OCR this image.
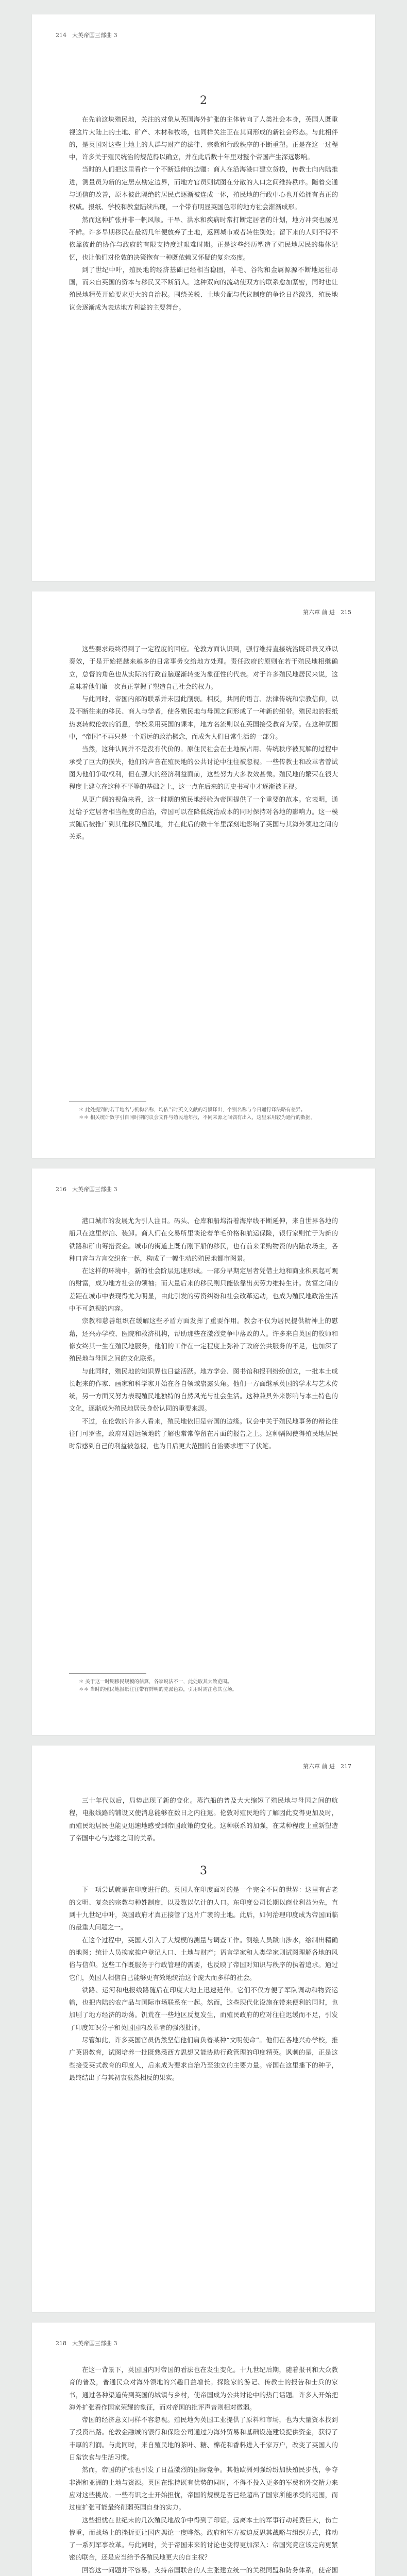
214　大英帝国三部曲 3
2

在先前这块殖民地，关注的对象从英国海外扩张的主体转向了人类社会本身，英国人既重视这片大陆上的土地、矿产、木材和牧场，也同样关注正在其间形成的新社会形态。与此相伴的，是英国对这些土地上的人群与财产的法律、宗教和行政秩序的不断重塑。正是在这一过程中，许多关于殖民统治的规范得以确立，并在此后数十年里对整个帝国产生深远影响。

当时的人们把这里看作一个不断延伸的边疆：商人在沿海港口建立货栈，传教士向内陆推进，测量员为新的定居点勘定边界，而地方官员则试图在分散的人口之间维持秩序。随着交通与通信的改善，原本彼此隔绝的居民点逐渐被连成一体，殖民地的行政中心也开始拥有真正的权威。报纸、学校和教堂陆续出现，一个带有明显英国色彩的地方社会渐渐成形。

然而这种扩张并非一帆风顺。干旱、洪水和疾病时常打断定居者的计划，地方冲突也屡见不鲜。许多早期移民在最初几年便放弃了土地，返回城市或者转往别处；留下来的人则不得不依靠彼此的协作与政府的有限支持度过艰难时期。正是这些经历塑造了殖民地居民的集体记忆，也让他们对伦敦的决策抱有一种既依赖又怀疑的复杂态度。

到了世纪中叶，殖民地的经济基础已经相当稳固，羊毛、谷物和金属源源不断地运往母国，而来自英国的资本与移民又不断涌入。这种双向的流动使双方的联系愈加紧密，同时也让殖民地精英开始要求更大的自治权。围绕关税、土地分配与代议制度的争论日益激烈，殖民地议会逐渐成为表达地方利益的主要舞台。

第六章 前 进　215

这些要求最终得到了一定程度的回应。伦敦方面认识到，强行维持直接统治既昂贵又难以奏效，于是开始把越来越多的日常事务交给地方处理。责任政府的原则在若干殖民地相继确立，总督的角色也从实际的行政首脑逐渐转变为象征性的代表。对于许多殖民地居民来说，这意味着他们第一次真正掌握了塑造自己社会的权力。

与此同时，帝国内部的联系并未因此削弱。相反，共同的语言、法律传统和宗教信仰，以及不断往来的移民、商人与学者，使各殖民地与母国之间形成了一种新的纽带。殖民地的报纸热衷转载伦敦的消息，学校采用英国的课本，地方名流则以在英国接受教育为荣。在这种氛围中，“帝国”不再只是一个遥远的政治概念，而成为人们日常生活的一部分。

当然，这种认同并不是没有代价的。原住民社会在土地被占用、传统秩序被瓦解的过程中承受了巨大的损失，他们的声音在殖民地的公共讨论中往往被忽视。一些传教士和改革者曾试图为他们争取权利，但在强大的经济利益面前，这些努力大多收效甚微。殖民地的繁荣在很大程度上建立在这种不平等的基础之上，这一点在后来的历史书写中才逐渐被正视。

从更广阔的视角来看，这一时期的殖民地经验为帝国提供了一个重要的范本。它表明，通过给予定居者相当程度的自治，帝国可以在降低统治成本的同时保持对各地的影响力。这一模式随后被推广到其他移民殖民地，并在此后的数十年里深刻地影响了英国与其海外领地之间的关系。

＊ 此处提到的若干地名与机构名称，均依当时英文文献的习惯译出，个别名称与今日通行译法略有差异。

＊＊ 相关统计数字引自同时期的议会文件与殖民地年报，不同来源之间偶有出入，这里采用较为通行的数据。

216　大英帝国三部曲 3

港口城市的发展尤为引人注目。码头、仓库和船坞沿着海岸线不断延伸，来自世界各地的船只在这里停泊、装卸。商人们在交易所里谈论着羊毛价格和航运保险，银行家则忙于为新的铁路和矿山筹措资金。城市的街道上既有刚下船的移民，也有前来采购物资的内陆农场主，各种口音与方言交织在一起，构成了一幅生动的殖民地都市图景。

在这样的环境中，新的社会阶层迅速形成。一部分早期定居者凭借土地和商业积累起可观的财富，成为地方社会的领袖；而大量后来的移民则只能依靠出卖劳力维持生计。贫富之间的差距在城市中表现得尤为明显，由此引发的劳资纠纷和社会改革运动，也成为殖民地政治生活中不可忽视的内容。

宗教和慈善组织在缓解这些矛盾方面发挥了重要作用。教会不仅为居民提供精神上的慰藉，还兴办学校、医院和救济机构，帮助那些在激烈竞争中落败的人。许多来自英国的牧师和修女终其一生在殖民地服务，他们的工作在一定程度上弥补了政府公共服务的不足，也加深了殖民地与母国之间的文化联系。

与此同时，殖民地的知识界也日益活跃。地方学会、图书馆和报刊纷纷创立，一批本土成长起来的作家、画家和科学家开始在各自领域崭露头角。他们一方面继承英国的学术与艺术传统，另一方面又努力表现殖民地独特的自然风光与社会生活。这种兼具外来影响与本土特色的文化，逐渐成为殖民地居民身份认同的重要来源。

不过，在伦敦的许多人看来，殖民地依旧是帝国的边缘。议会中关于殖民地事务的辩论往往门可罗雀，政府对遥远领地的了解也常常停留在片面的报告之上。这种隔阂使得殖民地居民时常感到自己的利益被忽视，也为日后更大范围的自治要求埋下了伏笔。

＊ 关于这一时期移民规模的估算，各家说法不一，此处取其大致范围。

＊＊ 当时的殖民地报纸往往带有鲜明的党派色彩，引用时需注意其立场。

第六章 前 进　217

三十年代以后，局势出现了新的变化。蒸汽船的普及大大缩短了殖民地与母国之间的航程，电报线路的铺设又使消息能够在数日之内往返。伦敦对殖民地的了解因此变得更加及时，而殖民地居民也能更迅速地感受到帝国政策的变化。这种联系的加强，在某种程度上重新塑造了帝国中心与边缘之间的关系。

3

下一项尝试就是在印度进行的。英国人在印度面对的是一个完全不同的世界：这里有古老的文明、复杂的宗教与种姓制度，以及数以亿计的人口。东印度公司长期以商业利益为先，直到十九世纪中叶，英国政府才真正接管了这片广袤的土地。此后，如何治理印度成为帝国面临的最重大问题之一。

在这个过程中，英国人引入了大规模的测量与调查工作。测绘人员跋山涉水，绘制出精确的地图；统计人员挨家挨户登记人口、土地与财产；语言学家和人类学家则试图理解各地的风俗与信仰。这些工作既服务于行政管理的需要，也反映了帝国对知识与秩序的执着追求。通过它们，英国人相信自己能够更有效地统治这个庞大而多样的社会。

铁路、运河和电报线路随后在印度大地上迅速延伸。它们不仅方便了军队调动和物资运输，也把内陆的农产品与国际市场联系在一起。然而，这些现代化设施在带来便利的同时，也加剧了地方经济的动荡。饥荒在一些地区反复发生，而殖民政府的应对往往迟缓而不足，引发了印度知识分子和英国国内改革者的强烈批评。

尽管如此，许多英国官员仍然坚信他们肩负着某种“文明使命”。他们在各地兴办学校，推广英语教育，试图培养一批既熟悉西方思想又能协助行政管理的印度精英。讽刺的是，正是这些接受英式教育的印度人，后来成为要求自治乃至独立的主要力量。帝国在这里播下的种子，最终结出了与其初衷截然相反的果实。

218　大英帝国三部曲 3

在这一背景下，英国国内对帝国的看法也在发生变化。十九世纪后期，随着报刊和大众教育的普及，普通民众对海外领地的兴趣日益增长。探险家的游记、传教士的报告和士兵的家书，通过各种渠道传到英国的城镇与乡村，使帝国成为公共讨论中的热门话题。许多人开始把海外扩张看作国家荣耀的象征，而对帝国的批评声音则相对微弱。

帝国的经济意义同样不容忽视。殖民地为英国工业提供了原料和市场，也为大量资本找到了投资出路。伦敦金融城的银行和保险公司通过为海外贸易和基础设施建设提供资金，获得了丰厚的利润。与此同时，来自殖民地的茶叶、糖、棉花和香料进入千家万户，改变了英国人的日常饮食与生活习惯。

然而，帝国的扩张也引发了日益激烈的国际竞争。其他欧洲列强纷纷加快殖民步伐，争夺非洲和亚洲的土地与资源。英国在维持既有优势的同时，不得不投入更多的军费和外交精力来应对这些挑战。一些有识之士开始担忧，帝国的规模是否已经超出了国家所能承受的范围，而过度扩张可能最终削弱英国自身的实力。

这些担忧在世纪末的几次殖民地战争中得到了印证。远离本土的军事行动耗费巨大，伤亡惨重，而战场上的挫折更让国内舆论一度哗然。政府和军方被迫反思其战略与组织方式，推动了一系列军事改革。与此同时，关于帝国未来的讨论也变得更加深入：帝国究竟应该走向更紧密的联合，还是应当给予各殖民地更大的自主权？

回答这一问题并不容易。支持帝国联合的人主张建立统一的关税同盟和防务体系，使帝国
